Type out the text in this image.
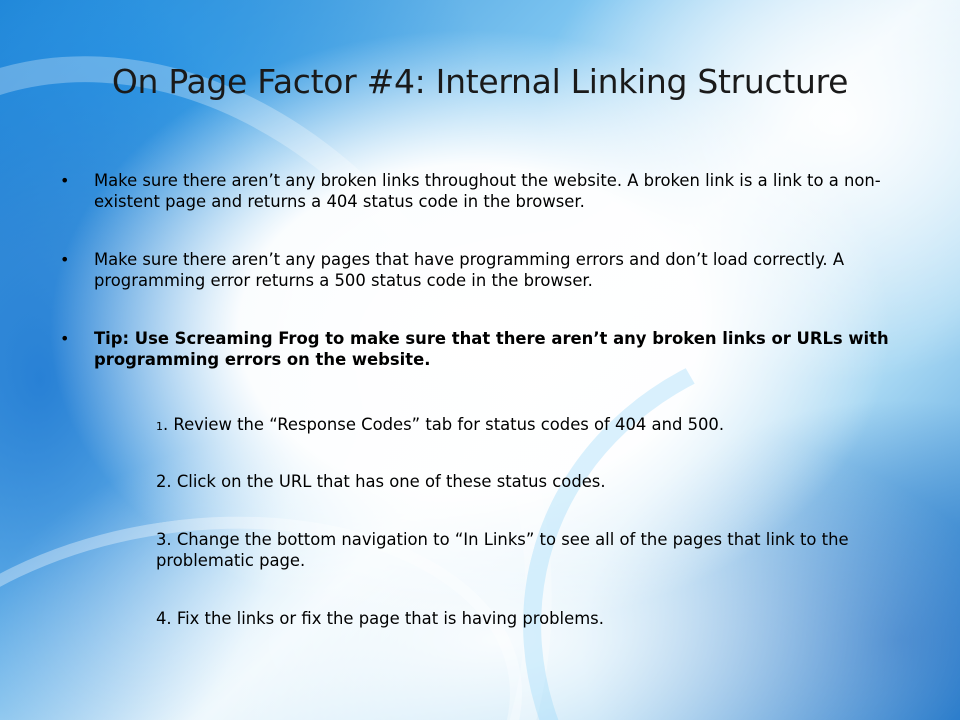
On Page Factor #4: Internal Linking Structure
• Make sure there aren’t any broken links throughout the website. A broken link is a link to a non-existent page and returns a 404 status code in the browser.
• Make sure there aren’t any pages that have programming errors and don’t load correctly. A programming error returns a 500 status code in the browser.
• Tip: Use Screaming Frog to make sure that there aren’t any broken links or URLs with programming errors on the website.
1. Review the “Response Codes” tab for status codes of 404 and 500.
2. Click on the URL that has one of these status codes.
3. Change the bottom navigation to “In Links” to see all of the pages that link to the problematic page.
4. Fix the links or fix the page that is having problems.
